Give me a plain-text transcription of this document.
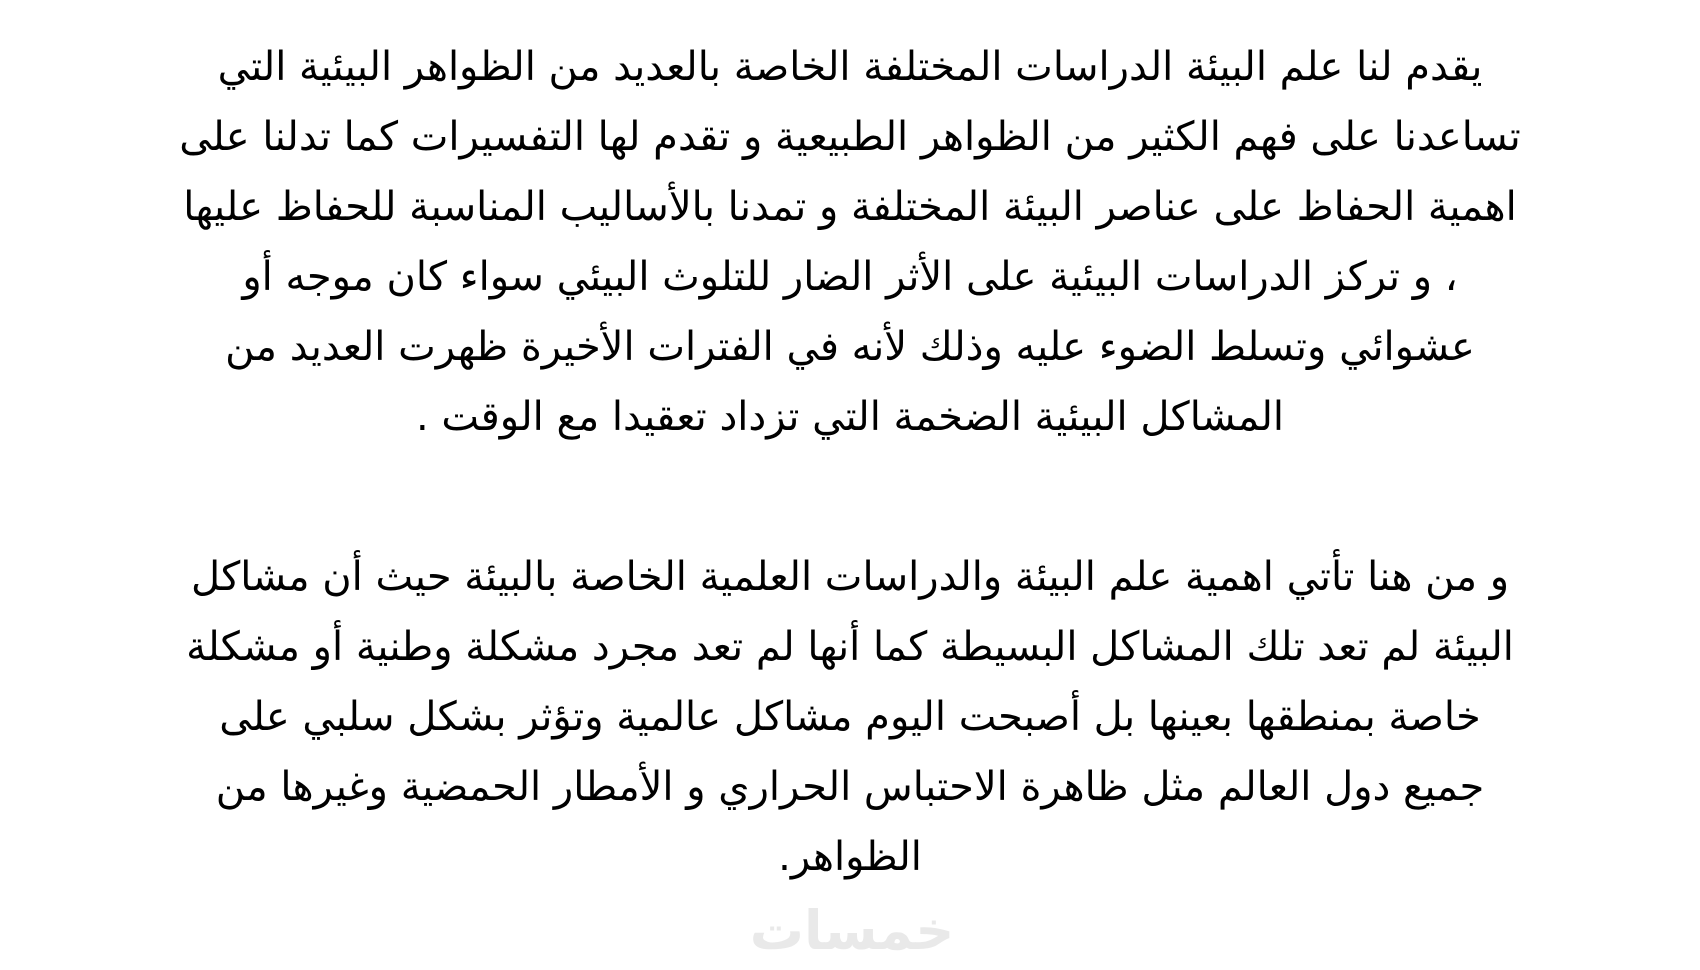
يقدم لنا علم البيئة الدراسات المختلفة الخاصة بالعديد من الظواهر البيئية التي
تساعدنا على فهم الكثير من الظواهر الطبيعية و تقدم لها التفسيرات كما تدلنا على
اهمية الحفاظ على عناصر البيئة المختلفة و تمدنا بالأساليب المناسبة للحفاظ عليها
، و تركز الدراسات البيئية على الأثر الضار للتلوث البيئي سواء كان موجه أو
عشوائي وتسلط الضوء عليه وذلك لأنه في الفترات الأخيرة ظهرت العديد من
المشاكل البيئية الضخمة التي تزداد تعقيدا مع الوقت .
و من هنا تأتي اهمية علم البيئة والدراسات العلمية الخاصة بالبيئة حيث أن مشاكل
البيئة لم تعد تلك المشاكل البسيطة كما أنها لم تعد مجرد مشكلة وطنية أو مشكلة
خاصة بمنطقها بعينها بل أصبحت اليوم مشاكل عالمية وتؤثر بشكل سلبي على
جميع دول العالم مثل ظاهرة الاحتباس الحراري و الأمطار الحمضية وغيرها من
الظواهر.
خمسات
